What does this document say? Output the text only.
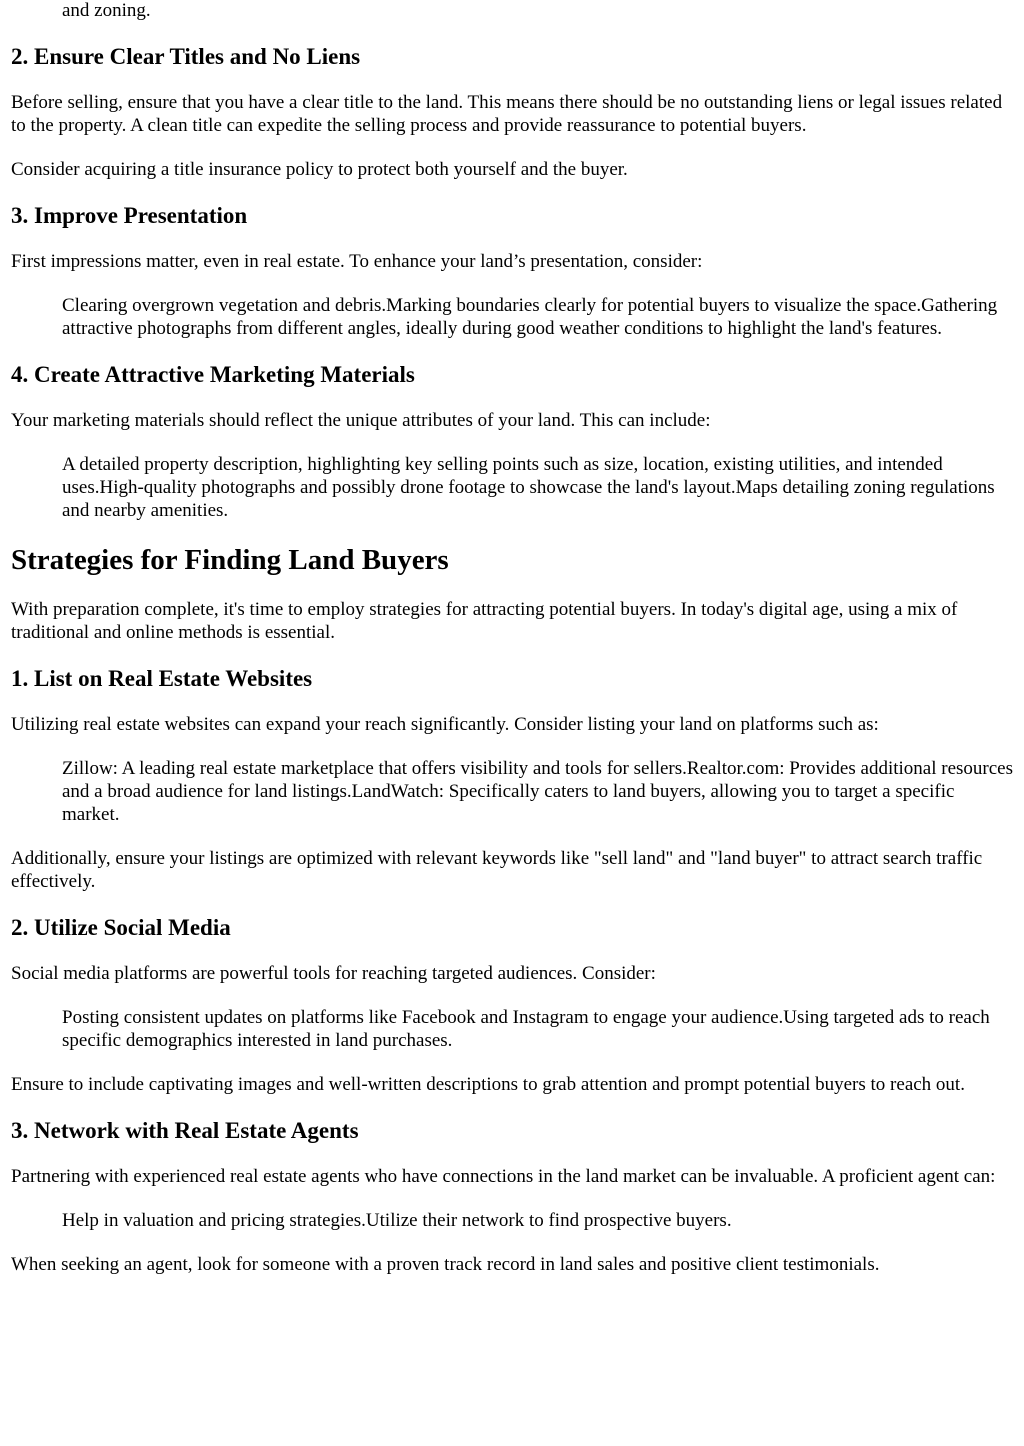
and zoning.

2. Ensure Clear Titles and No Liens

Before selling, ensure that you have a clear title to the land. This means there should be no outstanding liens or legal issues related to the property. A clean title can expedite the selling process and provide reassurance to potential buyers.

Consider acquiring a title insurance policy to protect both yourself and the buyer.

3. Improve Presentation

First impressions matter, even in real estate. To enhance your land’s presentation, consider:

Clearing overgrown vegetation and debris.Marking boundaries clearly for potential buyers to visualize the space.Gathering attractive photographs from different angles, ideally during good weather conditions to highlight the land's features.

4. Create Attractive Marketing Materials

Your marketing materials should reflect the unique attributes of your land. This can include:

A detailed property description, highlighting key selling points such as size, location, existing utilities, and intended uses.High-quality photographs and possibly drone footage to showcase the land's layout.Maps detailing zoning regulations and nearby amenities.

Strategies for Finding Land Buyers

With preparation complete, it's time to employ strategies for attracting potential buyers. In today's digital age, using a mix of traditional and online methods is essential.

1. List on Real Estate Websites

Utilizing real estate websites can expand your reach significantly. Consider listing your land on platforms such as:

Zillow: A leading real estate marketplace that offers visibility and tools for sellers.Realtor.com: Provides additional resources and a broad audience for land listings.LandWatch: Specifically caters to land buyers, allowing you to target a specific market.

Additionally, ensure your listings are optimized with relevant keywords like "sell land" and "land buyer" to attract search traffic effectively.

2. Utilize Social Media

Social media platforms are powerful tools for reaching targeted audiences. Consider:

Posting consistent updates on platforms like Facebook and Instagram to engage your audience.Using targeted ads to reach specific demographics interested in land purchases.

Ensure to include captivating images and well-written descriptions to grab attention and prompt potential buyers to reach out.

3. Network with Real Estate Agents

Partnering with experienced real estate agents who have connections in the land market can be invaluable. A proficient agent can:

Help in valuation and pricing strategies.Utilize their network to find prospective buyers.

When seeking an agent, look for someone with a proven track record in land sales and positive client testimonials.
